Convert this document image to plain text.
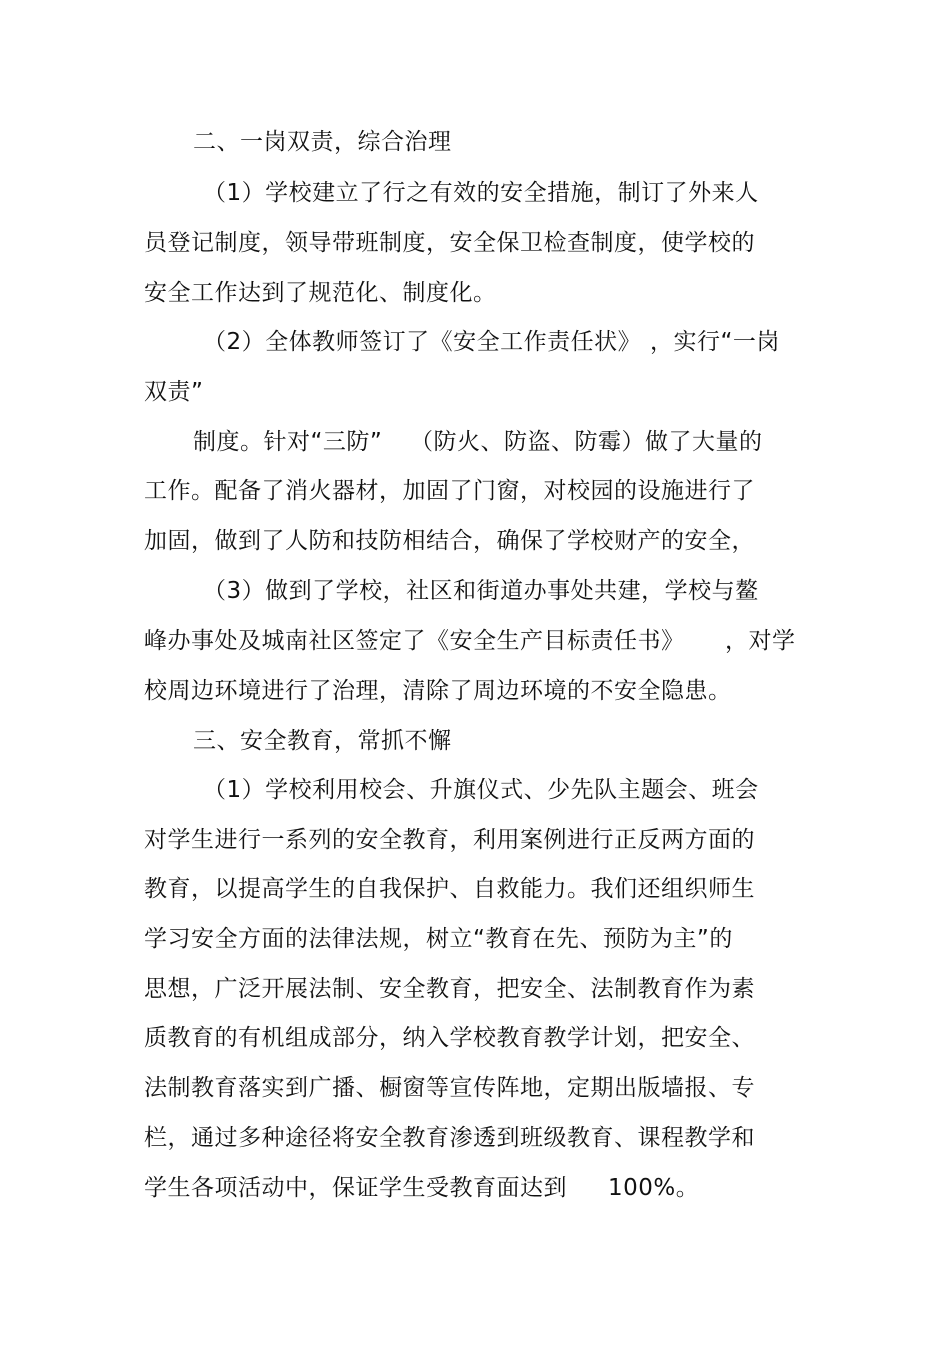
二、一岗双责，综合治理
（1）学校建立了行之有效的安全措施，制订了外来人
员登记制度，领导带班制度，安全保卫检查制度，使学校的
安全工作达到了规范化、制度化。
（2）全体教师签订了《安全工作责任状》 ，实行“一岗
双责”
制度。针对“三防” （防火、防盗、防霉）做了大量的
工作。配备了消火器材，加固了门窗，对校园的设施进行了
加固，做到了人防和技防相结合，确保了学校财产的安全，
（3）做到了学校，社区和街道办事处共建，学校与鳌
峰办事处及城南社区签定了《安全生产目标责任书》 ，对学
校周边环境进行了治理，清除了周边环境的不安全隐患。
三、安全教育，常抓不懈
（1）学校利用校会、升旗仪式、少先队主题会、班会
对学生进行一系列的安全教育，利用案例进行正反两方面的
教育，以提高学生的自我保护、自救能力。我们还组织师生
学习安全方面的法律法规，树立“教育在先、预防为主”的
思想，广泛开展法制、安全教育，把安全、法制教育作为素
质教育的有机组成部分，纳入学校教育教学计划，把安全、
法制教育落实到广播、橱窗等宣传阵地，定期出版墙报、专
栏，通过多种途径将安全教育渗透到班级教育、课程教学和
学生各项活动中，保证学生受教育面达到 100%。
